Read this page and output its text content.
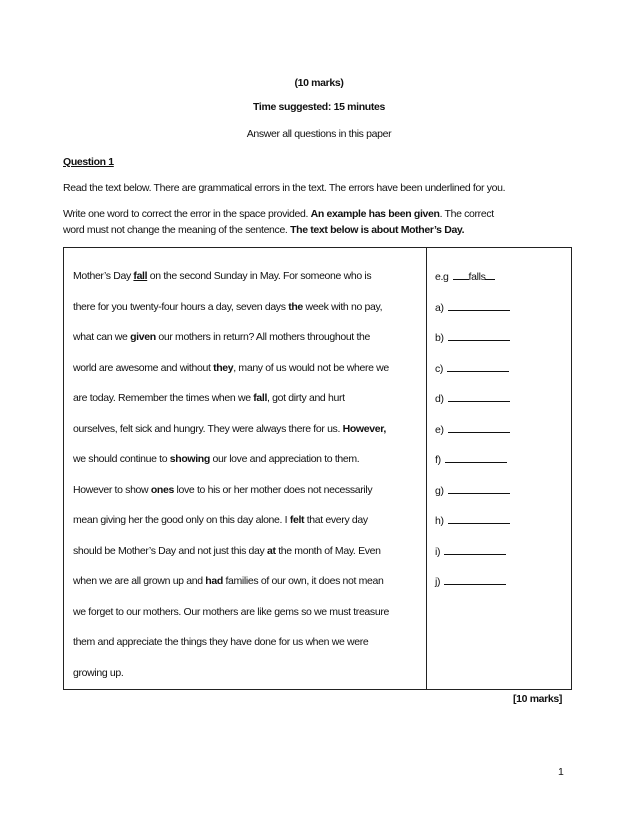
(10 marks)
Time suggested: 15 minutes
Answer all questions in this paper
Question 1
Read the text below. There are grammatical errors in the text. The errors have been underlined for you.
Write one word to correct the error in the space provided. An example has been given. The correct
word must not change the meaning of the sentence. The text below is about Mother’s Day.
Mother’s Day fall on the second Sunday in May. For someone who is
there for you twenty-four hours a day, seven days the week with no pay,
what can we given our mothers in return? All mothers throughout the
world are awesome and without they, many of us would not be where we
are today. Remember the times when we fall, got dirty and hurt
ourselves, felt sick and hungry. They were always there for us. However,
we should continue to showing our love and appreciation to them.
However to show ones love to his or her mother does not necessarily
mean giving her the good only on this day alone. I felt that every day
should be Mother’s Day and not just this day at the month of May. Even
when we are all grown up and had families of our own, it does not mean
we forget to our mothers. Our mothers are like gems so we must treasure
them and appreciate the things they have done for us when we were
growing up.
e.g falls
a)
b)
c)
d)
e)
f)
g)
h)
i)
j)
[10 marks]
1
